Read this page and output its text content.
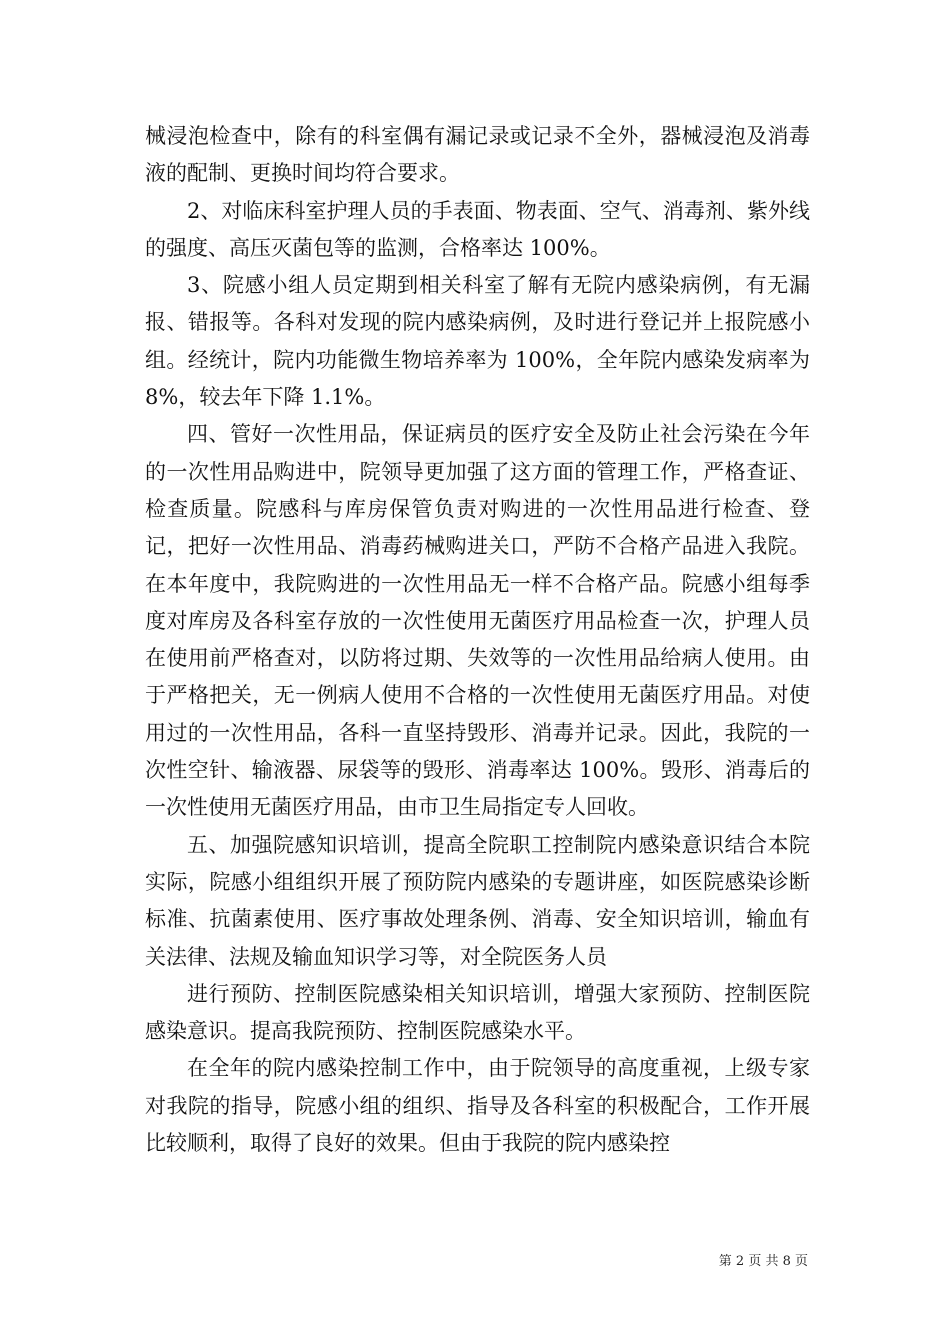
械浸泡检查中，除有的科室偶有漏记录或记录不全外，器械浸泡及消毒液的配制、更换时间均符合要求。

2、对临床科室护理人员的手表面、物表面、空气、消毒剂、紫外线的强度、高压灭菌包等的监测，合格率达 100%。

3、院感小组人员定期到相关科室了解有无院内感染病例，有无漏报、错报等。各科对发现的院内感染病例，及时进行登记并上报院感小组。经统计，院内功能微生物培养率为 100%，全年院内感染发病率为 8%，较去年下降 1.1%。

四、管好一次性用品，保证病员的医疗安全及防止社会污染在今年的一次性用品购进中，院领导更加强了这方面的管理工作，严格查证、检查质量。院感科与库房保管负责对购进的一次性用品进行检查、登记，把好一次性用品、消毒药械购进关口，严防不合格产品进入我院。在本年度中，我院购进的一次性用品无一样不合格产品。院感小组每季度对库房及各科室存放的一次性使用无菌医疗用品检查一次，护理人员在使用前严格查对，以防将过期、失效等的一次性用品给病人使用。由于严格把关，无一例病人使用不合格的一次性使用无菌医疗用品。对使用过的一次性用品，各科一直坚持毁形、消毒并记录。因此，我院的一次性空针、输液器、尿袋等的毁形、消毒率达 100%。毁形、消毒后的一次性使用无菌医疗用品，由市卫生局指定专人回收。

五、加强院感知识培训，提高全院职工控制院内感染意识结合本院实际，院感小组组织开展了预防院内感染的专题讲座，如医院感染诊断标准、抗菌素使用、医疗事故处理条例、消毒、安全知识培训，输血有关法律、法规及输血知识学习等，对全院医务人员

进行预防、控制医院感染相关知识培训，增强大家预防、控制医院感染意识。提高我院预防、控制医院感染水平。

在全年的院内感染控制工作中，由于院领导的高度重视，上级专家对我院的指导，院感小组的组织、指导及各科室的积极配合，工作开展比较顺利，取得了良好的效果。但由于我院的院内感染控

第 2 页 共 8 页
